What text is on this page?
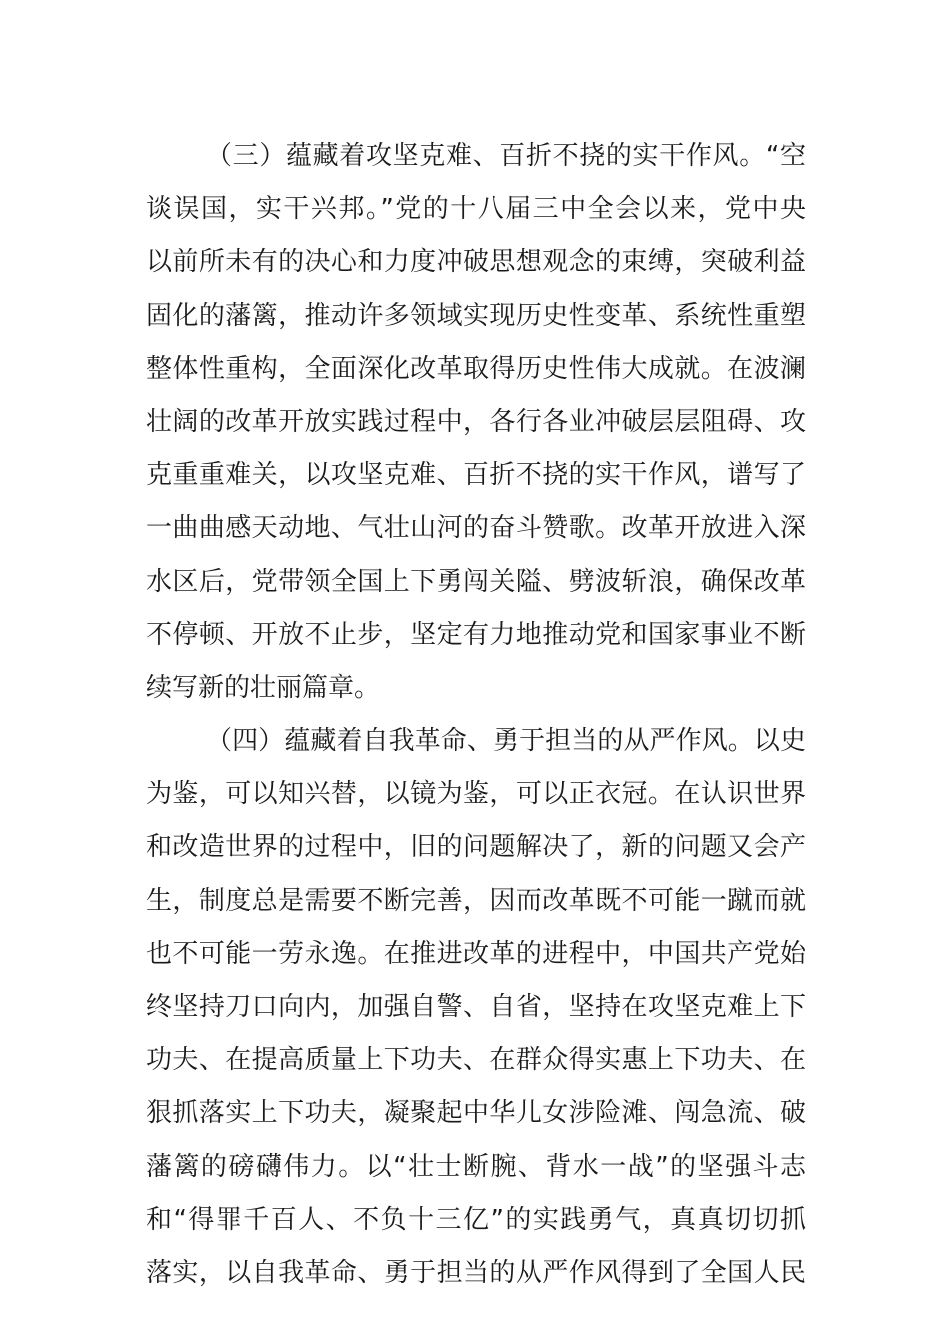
（三）蕴藏着攻坚克难、百折不挠的实干作风。“空
谈误国，实干兴邦。”党的十八届三中全会以来，党中央
以前所未有的决心和力度冲破思想观念的束缚，突破利益
固化的藩篱，推动许多领域实现历史性变革、系统性重塑
整体性重构，全面深化改革取得历史性伟大成就。在波澜
壮阔的改革开放实践过程中，各行各业冲破层层阻碍、攻
克重重难关，以攻坚克难、百折不挠的实干作风，谱写了
一曲曲感天动地、气壮山河的奋斗赞歌。改革开放进入深
水区后，党带领全国上下勇闯关隘、劈波斩浪，确保改革
不停顿、开放不止步，坚定有力地推动党和国家事业不断
续写新的壮丽篇章。
（四）蕴藏着自我革命、勇于担当的从严作风。以史
为鉴，可以知兴替，以镜为鉴，可以正衣冠。在认识世界
和改造世界的过程中，旧的问题解决了，新的问题又会产
生，制度总是需要不断完善，因而改革既不可能一蹴而就
也不可能一劳永逸。在推进改革的进程中，中国共产党始
终坚持刀口向内，加强自警、自省，坚持在攻坚克难上下
功夫、在提高质量上下功夫、在群众得实惠上下功夫、在
狠抓落实上下功夫，凝聚起中华儿女涉险滩、闯急流、破
藩篱的磅礴伟力。以“壮士断腕、背水一战”的坚强斗志
和“得罪千百人、不负十三亿”的实践勇气，真真切切抓
落实，以自我革命、勇于担当的从严作风得到了全国人民
